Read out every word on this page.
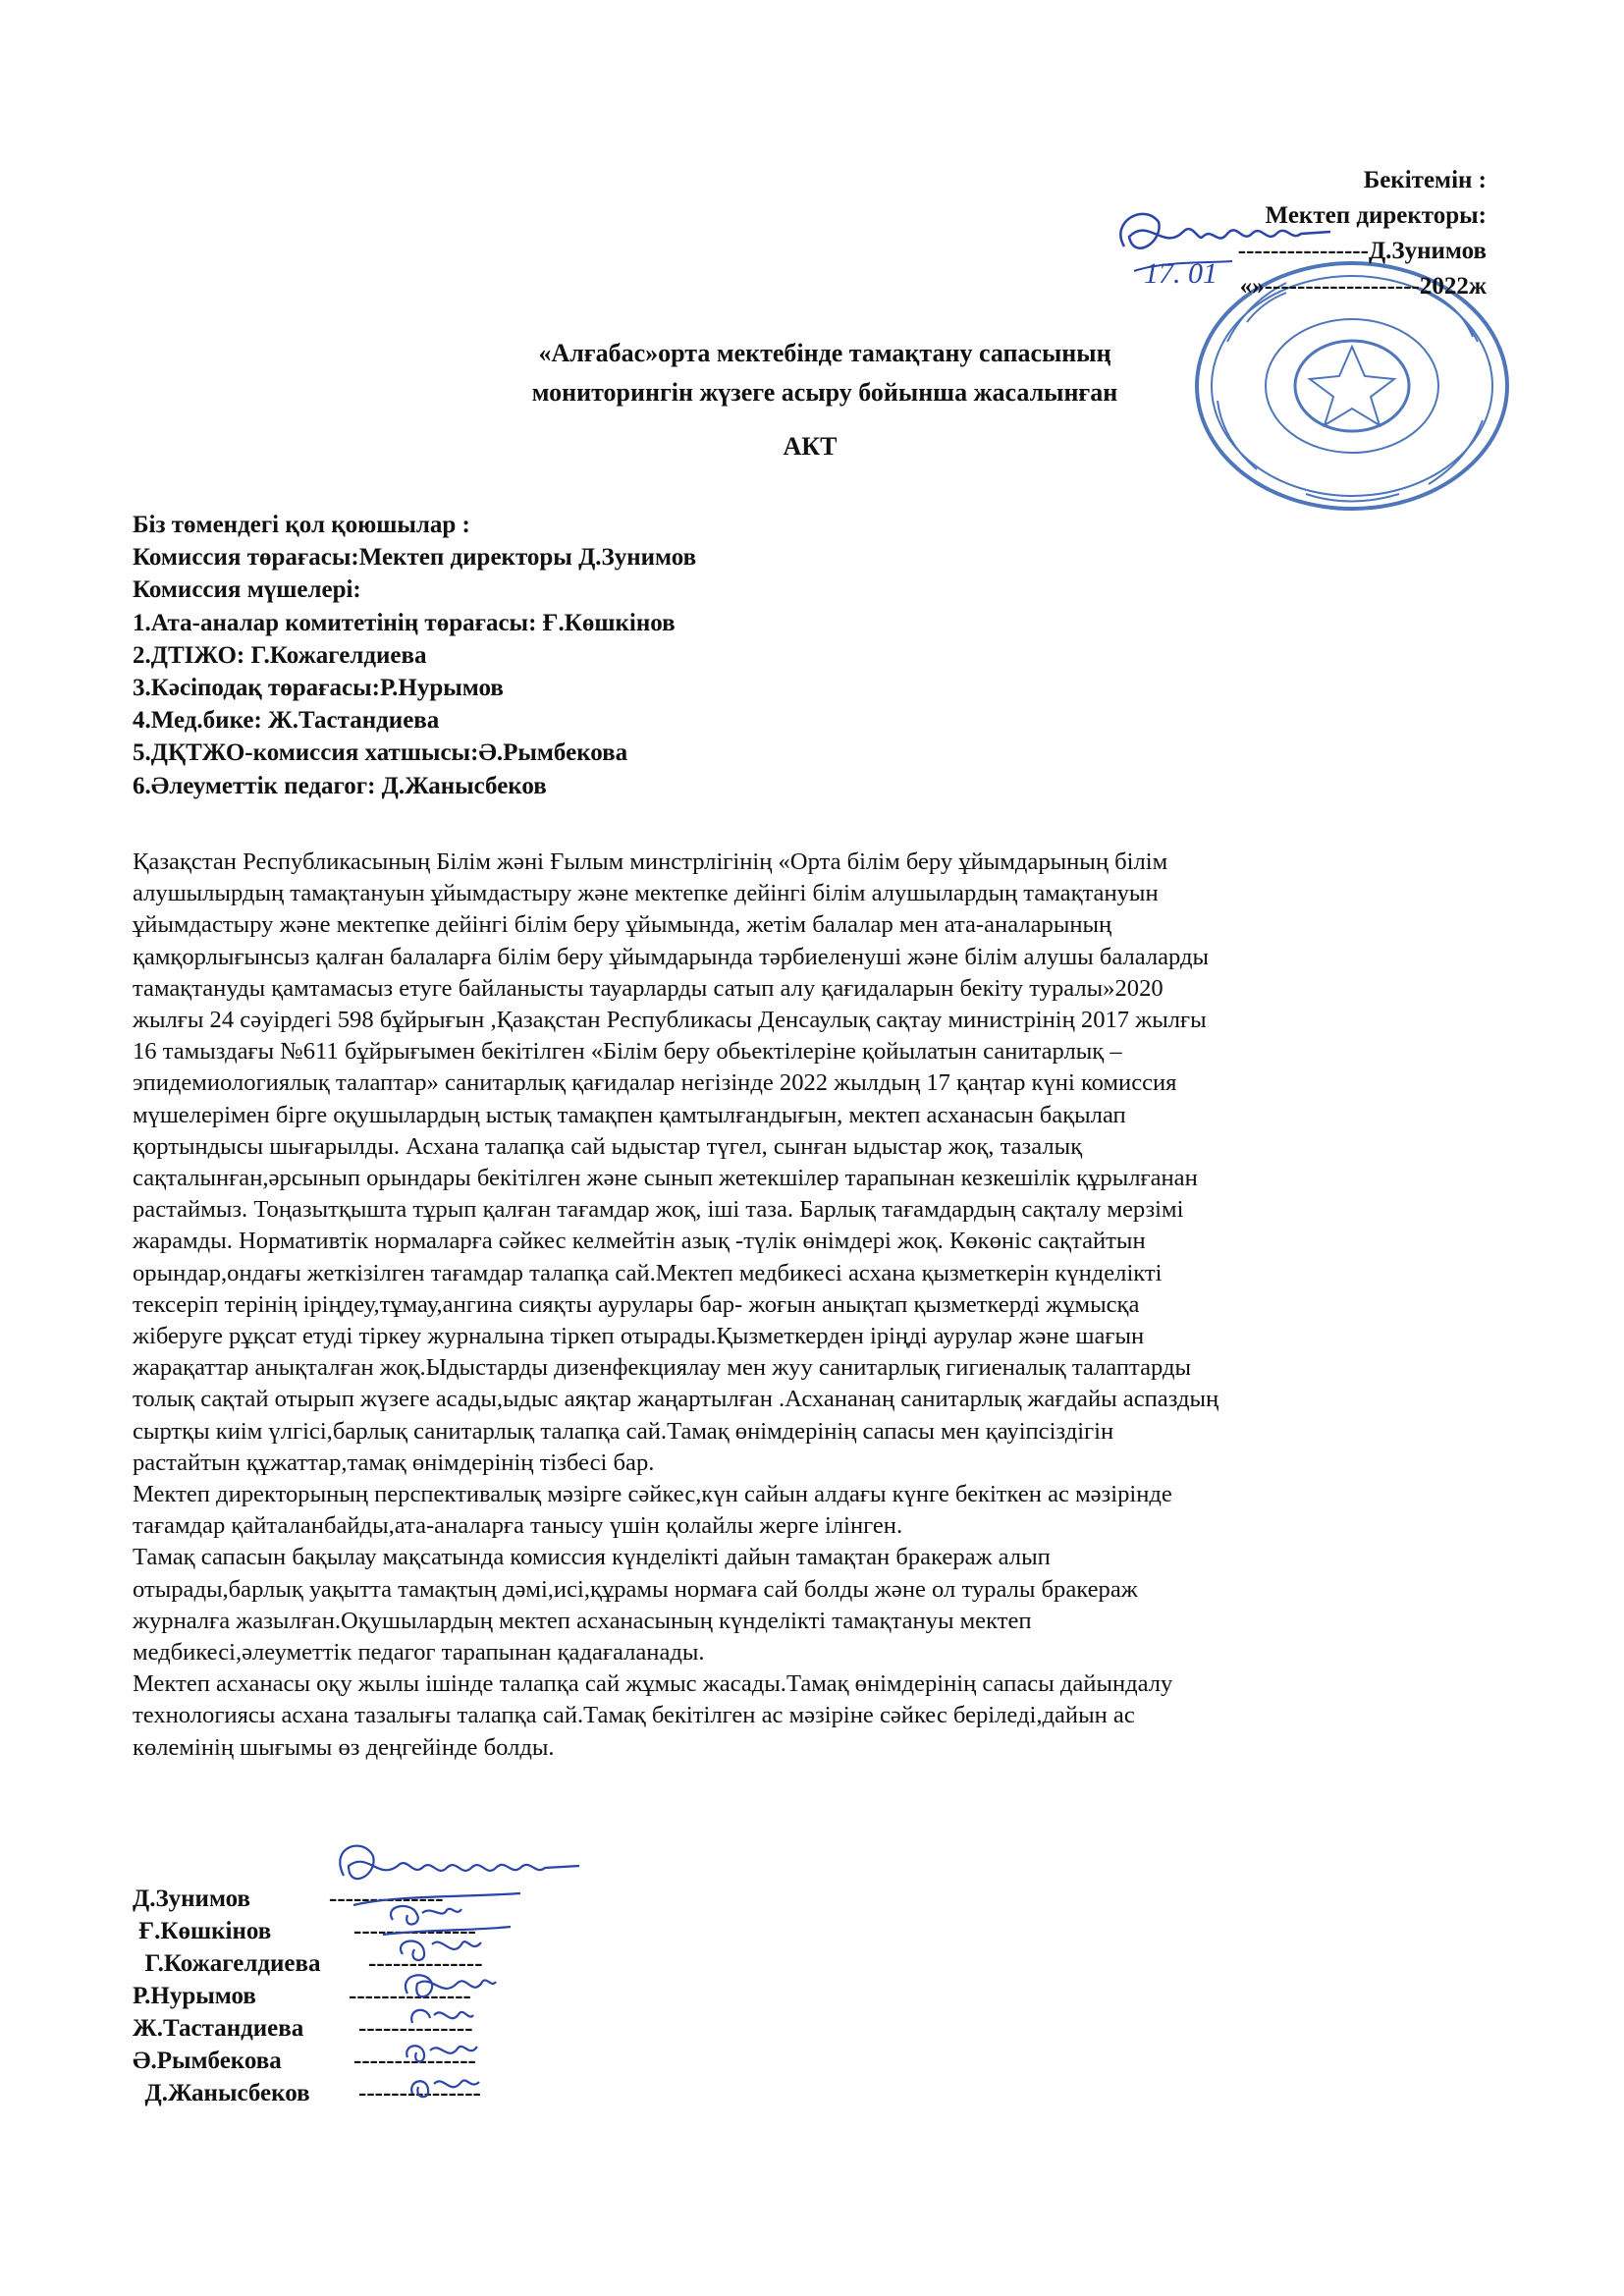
17. 01
Бекітемін :
Мектеп директоры:
----------------Д.Зунимов
«»-------------------2022ж
«Алғабас»орта мектебінде тамақтану сапасының
мониторингін жүзеге асыру бойынша жасалынған
АКТ
Біз төмендегі қол қоюшылар :
Комиссия төрағасы:Мектеп директоры Д.Зунимов
Комиссия мүшелері:
1.Ата-аналар комитетінің төрағасы: Ғ.Көшкінов
2.ДТІЖО: Г.Кожагелдиева
3.Кәсіподақ төрағасы:Р.Нурымов
4.Мед.бике: Ж.Тастандиева
5.ДҚТЖО-комиссия хатшысы:Ә.Рымбекова
6.Әлеуметтік педагог: Д.Жанысбеков
Қазақстан Республикасының Білім жәні Ғылым минстрлігінің «Орта білім беру ұйымдарының білім
алушылырдың тамақтануын ұйымдастыру және мектепке дейінгі білім алушылардың тамақтануын
ұйымдастыру және мектепке дейінгі білім беру ұйымында, жетім балалар мен ата-аналарының
қамқорлығынсыз қалған балаларға білім беру ұйымдарында тәрбиеленуші және білім алушы балаларды
тамақтануды қамтамасыз етуге байланысты тауарларды сатып алу қағидаларын бекіту туралы»2020
жылғы 24 сәуірдегі 598 бұйрығын ,Қазақстан Республикасы Денсаулық сақтау министрінің 2017 жылғы
16 тамыздағы №611 бұйрығымен бекітілген «Білім беру обьектілеріне қойылатын санитарлық –
эпидемиологиялық талаптар» санитарлық қағидалар негізінде 2022 жылдың 17 қаңтар күні комиссия
мүшелерімен бірге оқушылардың ыстық тамақпен қамтылғандығын, мектеп асханасын бақылап
қортындысы шығарылды. Асхана талапқа сай ыдыстар түгел, сынған ыдыстар жоқ, тазалық
сақталынған,әрсынып орындары бекітілген және сынып жетекшілер тарапынан кезкешілік құрылғанан
растаймыз. Тоңазытқышта тұрып қалған тағамдар жоқ, іші таза. Барлық тағамдардың сақталу мерзімі
жарамды. Нормативтік нормаларға сәйкес келмейтін азық -түлік өнімдері жоқ. Көкөніс сақтайтын
орындар,ондағы жеткізілген тағамдар талапқа сай.Мектеп медбикесі асхана қызметкерін күнделікті
тексеріп терінің іріңдеу,тұмау,ангина сияқты аурулары бар- жоғын анықтап қызметкерді жұмысқа
жіберуге рұқсат етуді тіркеу журналына тіркеп отырады.Қызметкерден іріңді аурулар және шағын
жарақаттар анықталған жоқ.Ыдыстарды дизенфекциялау мен жуу санитарлық гигиеналық талаптарды
толық сақтай отырып жүзеге асады,ыдыс аяқтар жаңартылған .Асхананаң санитарлық жағдайы аспаздың
сыртқы киім үлгісі,барлық санитарлық талапқа сай.Тамақ өнімдерінің сапасы мен қауіпсіздігін
растайтын құжаттар,тамақ өнімдерінің тізбесі бар.
Мектеп директорының перспективалық мәзірге сәйкес,күн сайын алдағы күнге бекіткен ас мәзірінде
тағамдар қайталанбайды,ата-аналарға танысу үшін қолайлы жерге ілінген.
Тамақ сапасын бақылау мақсатында комиссия күнделікті дайын тамақтан бракераж алып
отырады,барлық уақытта тамақтың дәмі,исі,құрамы нормаға сай болды және ол туралы бракераж
журналға жазылған.Оқушылардың мектеп асханасының күнделікті тамақтануы мектеп
медбикесі,әлеуметтік педагог тарапынан қадағаланады.
Мектеп асханасы оқу жылы ішінде талапқа сай жұмыс жасады.Тамақ өнімдерінің сапасы дайындалу
технологиясы асхана тазалығы талапқа сай.Тамақ бекітілген ас мәзіріне сәйкес беріледі,дайын ас
көлемінің шығымы өз деңгейінде болды.
Д.Зунимов	--------------
Ғ.Көшкінов	---------------
Г.Кожагелдиева	--------------
Р.Нурымов	---------------
Ж.Тастандиева	--------------
Ә.Рымбекова	---------------
Д.Жанысбеков	---------------
